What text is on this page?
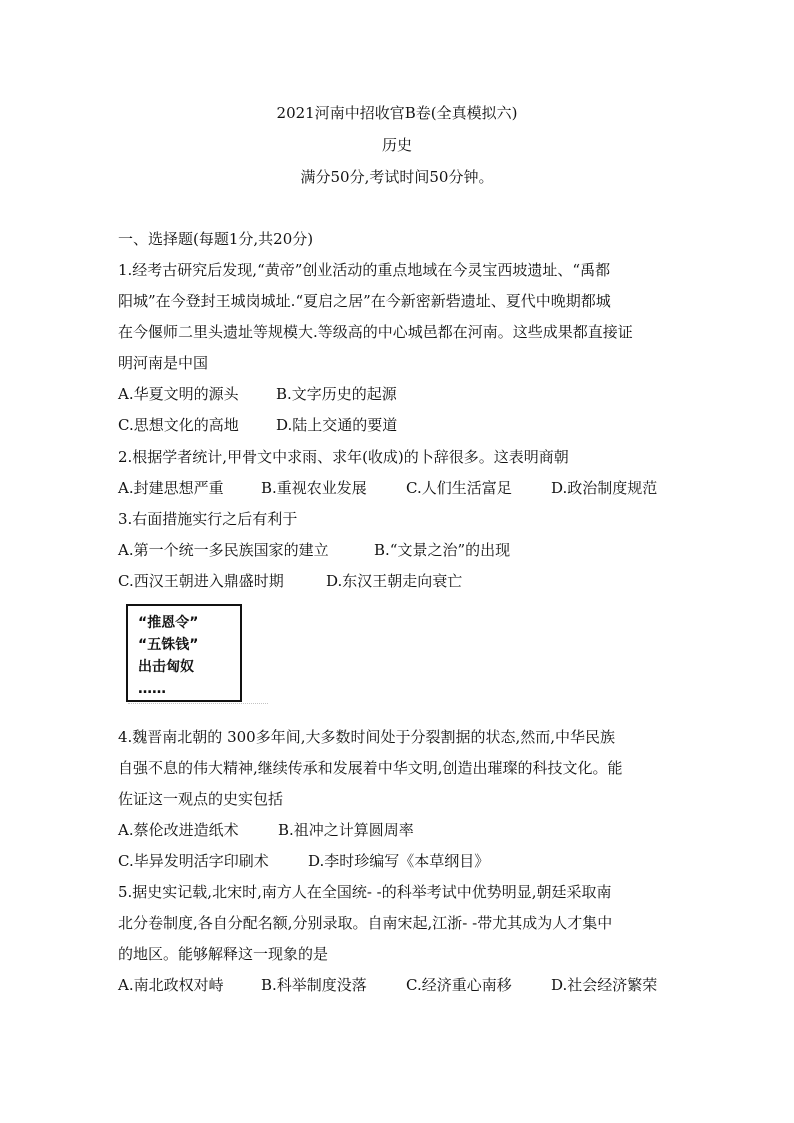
2021河南中招收官B卷(全真模拟六)
历史
满分50分,考试时间50分钟。
一、选择题(每题1分,共20分)
1.经考古研究后发现,“黄帝”创业活动的重点地域在今灵宝西坡遗址、“禹都
阳城”在今登封王城岗城址.“夏启之居”在今新密新砦遗址、夏代中晚期都城
在今偃师二里头遗址等规模大.等级高的中心城邑都在河南。这些成果都直接证
明河南是中国
A.华夏文明的源头 B.文字历史的起源
C.思想文化的高地 D.陆上交通的要道
2.根据学者统计,甲骨文中求雨、求年(收成)的卜辞很多。这表明商朝
A.封建思想严重 B.重视农业发展	C.人们生活富足	D.政治制度规范
3.右面措施实行之后有利于
A.第一个统一多民族国家的建立	B.“文景之治”的出现
C.西汉王朝进入鼎盛时期	D.东汉王朝走向衰亡
“推恩令”
“五铢钱”
出击匈奴
……
4.魏晋南北朝的 300多年间,大多数时间处于分裂割据的状态,然而,中华民族
自强不息的伟大精神,继续传承和发展着中华文明,创造出璀璨的科技文化。能
佐证这一观点的史实包括
A.蔡伦改进造纸术	B.祖冲之计算圆周率
C.毕异发明活字印刷术	D.李时珍编写《本草纲目》
5.据史实记载,北宋时,南方人在全国统- -的科举考试中优势明显,朝廷采取南
北分卷制度,各自分配名额,分别录取。自南宋起,江浙- -带尤其成为人才集中
的地区。能够解释这一现象的是
A.南北政权对峙 B.科举制度没落	C.经济重心南移	D.社会经济繁荣
